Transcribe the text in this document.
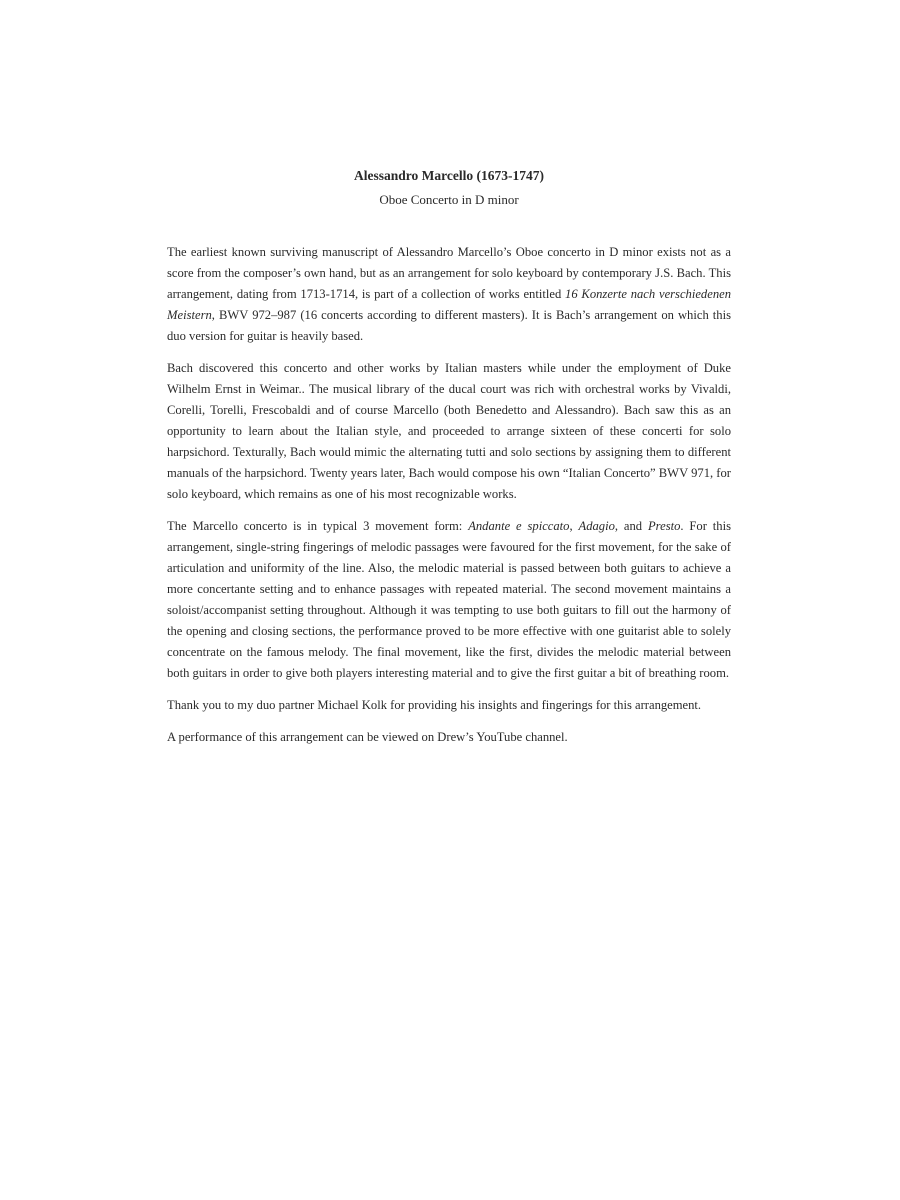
Alessandro Marcello (1673-1747)
Oboe Concerto in D minor

The earliest known surviving manuscript of Alessandro Marcello’s Oboe concerto in D minor exists not as a score from the composer’s own hand, but as an arrangement for solo keyboard by contemporary J.S. Bach. This arrangement, dating from 1713-1714, is part of a collection of works entitled 16 Konzerte nach verschiedenen Meistern, BWV 972–987 (16 concerts according to different masters). It is Bach’s arrangement on which this duo version for guitar is heavily based.

Bach discovered this concerto and other works by Italian masters while under the employment of Duke Wilhelm Ernst in Weimar.. The musical library of the ducal court was rich with orchestral works by Vivaldi, Corelli, Torelli, Frescobaldi and of course Marcello (both Benedetto and Alessandro). Bach saw this as an opportunity to learn about the Italian style, and proceeded to arrange sixteen of these concerti for solo harpsichord. Texturally, Bach would mimic the alternating tutti and solo sections by assigning them to different manuals of the harpsichord. Twenty years later, Bach would compose his own “Italian Concerto” BWV 971, for solo keyboard, which remains as one of his most recognizable works.

The Marcello concerto is in typical 3 movement form: Andante e spiccato, Adagio, and Presto. For this arrangement, single-string fingerings of melodic passages were favoured for the first movement, for the sake of articulation and uniformity of the line. Also, the melodic material is passed between both guitars to achieve a more concertante setting and to enhance passages with repeated material. The second movement maintains a soloist/accompanist setting throughout. Although it was tempting to use both guitars to fill out the harmony of the opening and closing sections, the performance proved to be more effective with one guitarist able to solely concentrate on the famous melody. The final movement, like the first, divides the melodic material between both guitars in order to give both players interesting material and to give the first guitar a bit of breathing room.

Thank you to my duo partner Michael Kolk for providing his insights and fingerings for this arrangement.

A performance of this arrangement can be viewed on Drew’s YouTube channel.
